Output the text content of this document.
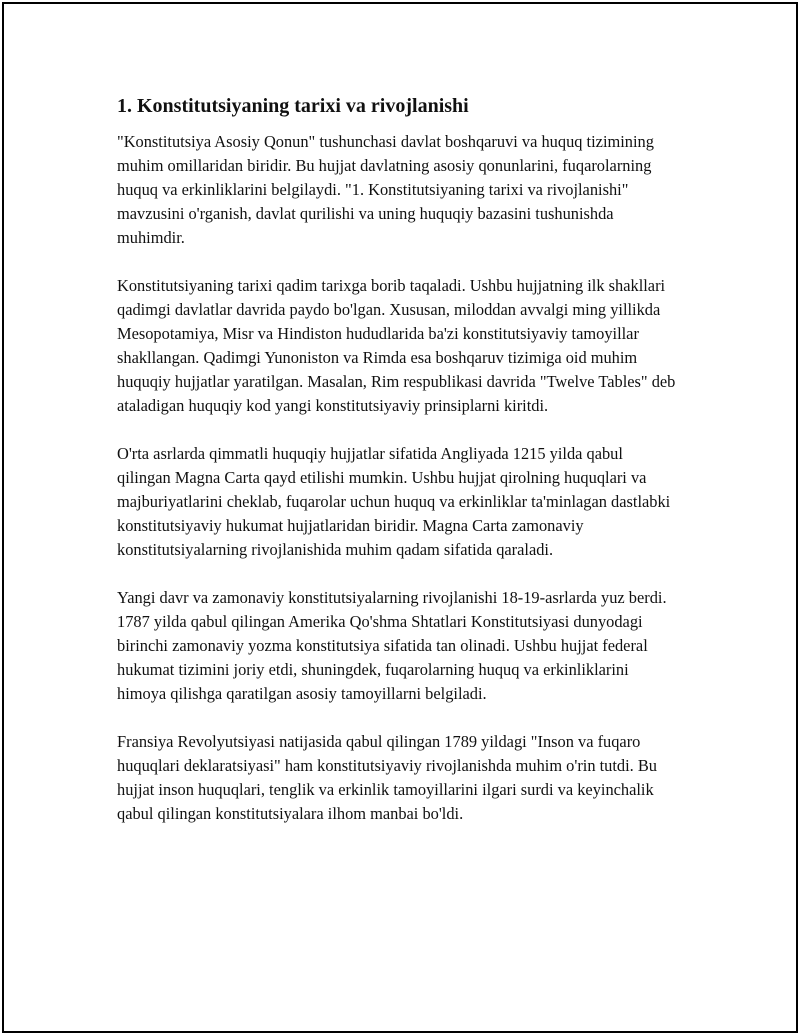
1. Konstitutsiyaning tarixi va rivojlanishi

"Konstitutsiya Asosiy Qonun" tushunchasi davlat boshqaruvi va huquq tizimining muhim omillaridan biridir. Bu hujjat davlatning asosiy qonunlarini, fuqarolarning huquq va erkinliklarini belgilaydi. "1. Konstitutsiyaning tarixi va rivojlanishi" mavzusini o'rganish, davlat qurilishi va uning huquqiy bazasini tushunishda muhimdir.

Konstitutsiyaning tarixi qadim tarixga borib taqaladi. Ushbu hujjatning ilk shakllari qadimgi davlatlar davrida paydo bo'lgan. Xususan, miloddan avvalgi ming yillikda Mesopotamiya, Misr va Hindiston hududlarida ba'zi konstitutsiyaviy tamoyillar shakllangan. Qadimgi Yunoniston va Rimda esa boshqaruv tizimiga oid muhim huquqiy hujjatlar yaratilgan. Masalan, Rim respublikasi davrida "Twelve Tables" deb ataladigan huquqiy kod yangi konstitutsiyaviy prinsiplarni kiritdi.

O'rta asrlarda qimmatli huquqiy hujjatlar sifatida Angliyada 1215 yilda qabul qilingan Magna Carta qayd etilishi mumkin. Ushbu hujjat qirolning huquqlari va majburiyatlarini cheklab, fuqarolar uchun huquq va erkinliklar ta'minlagan dastlabki konstitutsiyaviy hukumat hujjatlaridan biridir. Magna Carta zamonaviy konstitutsiyalarning rivojlanishida muhim qadam sifatida qaraladi.

Yangi davr va zamonaviy konstitutsiyalarning rivojlanishi 18-19-asrlarda yuz berdi. 1787 yilda qabul qilingan Amerika Qo'shma Shtatlari Konstitutsiyasi dunyodagi birinchi zamonaviy yozma konstitutsiya sifatida tan olinadi. Ushbu hujjat federal hukumat tizimini joriy etdi, shuningdek, fuqarolarning huquq va erkinliklarini himoya qilishga qaratilgan asosiy tamoyillarni belgiladi.

Fransiya Revolyutsiyasi natijasida qabul qilingan 1789 yildagi "Inson va fuqaro huquqlari deklaratsiyasi" ham konstitutsiyaviy rivojlanishda muhim o'rin tutdi. Bu hujjat inson huquqlari, tenglik va erkinlik tamoyillarini ilgari surdi va keyinchalik qabul qilingan konstitutsiyalara ilhom manbai bo'ldi.
